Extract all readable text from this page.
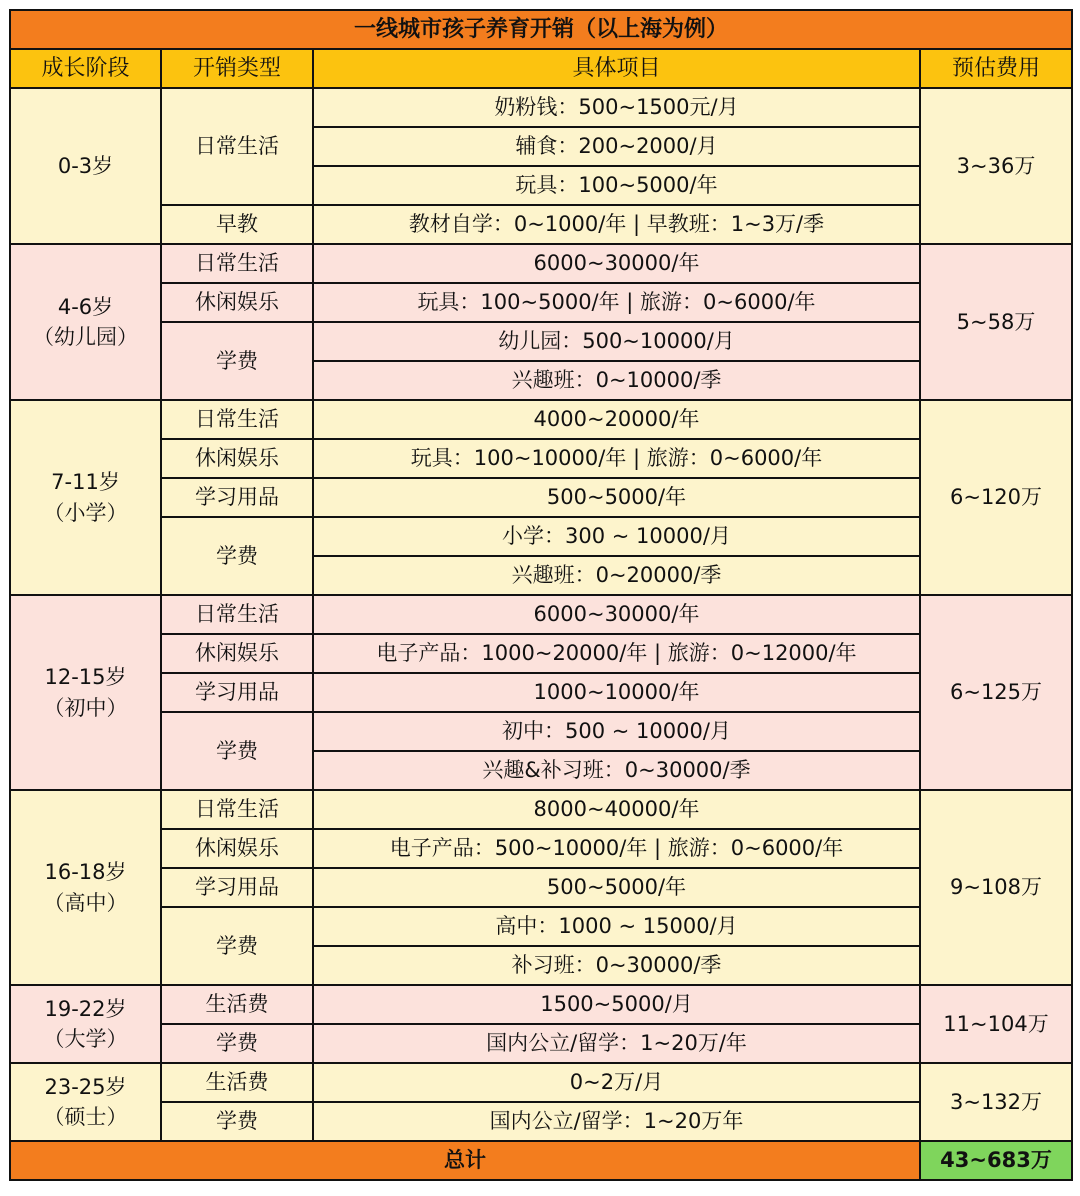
一线城市孩子养育开销（以上海为例）			
成长阶段	开销类型	具体项目	预估费用

0-3岁	日常生活	奶粉钱：500~1500元/月	3~36万
		辅食：200~2000/月	
		玩具：100~5000/年	
	早教	教材自学：0~1000/年 | 早教班：1~3万/季	

4-6岁
（幼儿园）	日常生活	6000~30000/年	5~58万
	休闲娱乐	玩具：100~5000/年 | 旅游：0~6000/年	
	学费	幼儿园：500~10000/月	
		兴趣班：0~10000/季	

7-11岁
（小学）	日常生活	4000~20000/年	6~120万
	休闲娱乐	玩具：100~10000/年 | 旅游：0~6000/年	
	学习用品	500~5000/年	
	学费	小学：300 ~ 10000/月	
		兴趣班：0~20000/季	

12-15岁
（初中）	日常生活	6000~30000/年	6~125万
	休闲娱乐	电子产品：1000~20000/年 | 旅游：0~12000/年	
	学习用品	1000~10000/年	
	学费	初中：500 ~ 10000/月	
		兴趣&补习班：0~30000/季	

16-18岁
（高中）	日常生活	8000~40000/年	9~108万
	休闲娱乐	电子产品：500~10000/年 | 旅游：0~6000/年	
	学习用品	500~5000/年	
	学费	高中：1000 ~ 15000/月	
		补习班：0~30000/季	

19-22岁
（大学）	生活费	1500~5000/月	11~104万
	学费	国内公立/留学：1~20万/年	

23-25岁
（硕士）	生活费	0~2万/月	3~132万
	学费	国内公立/留学：1~20万年	
总计			43~683万
